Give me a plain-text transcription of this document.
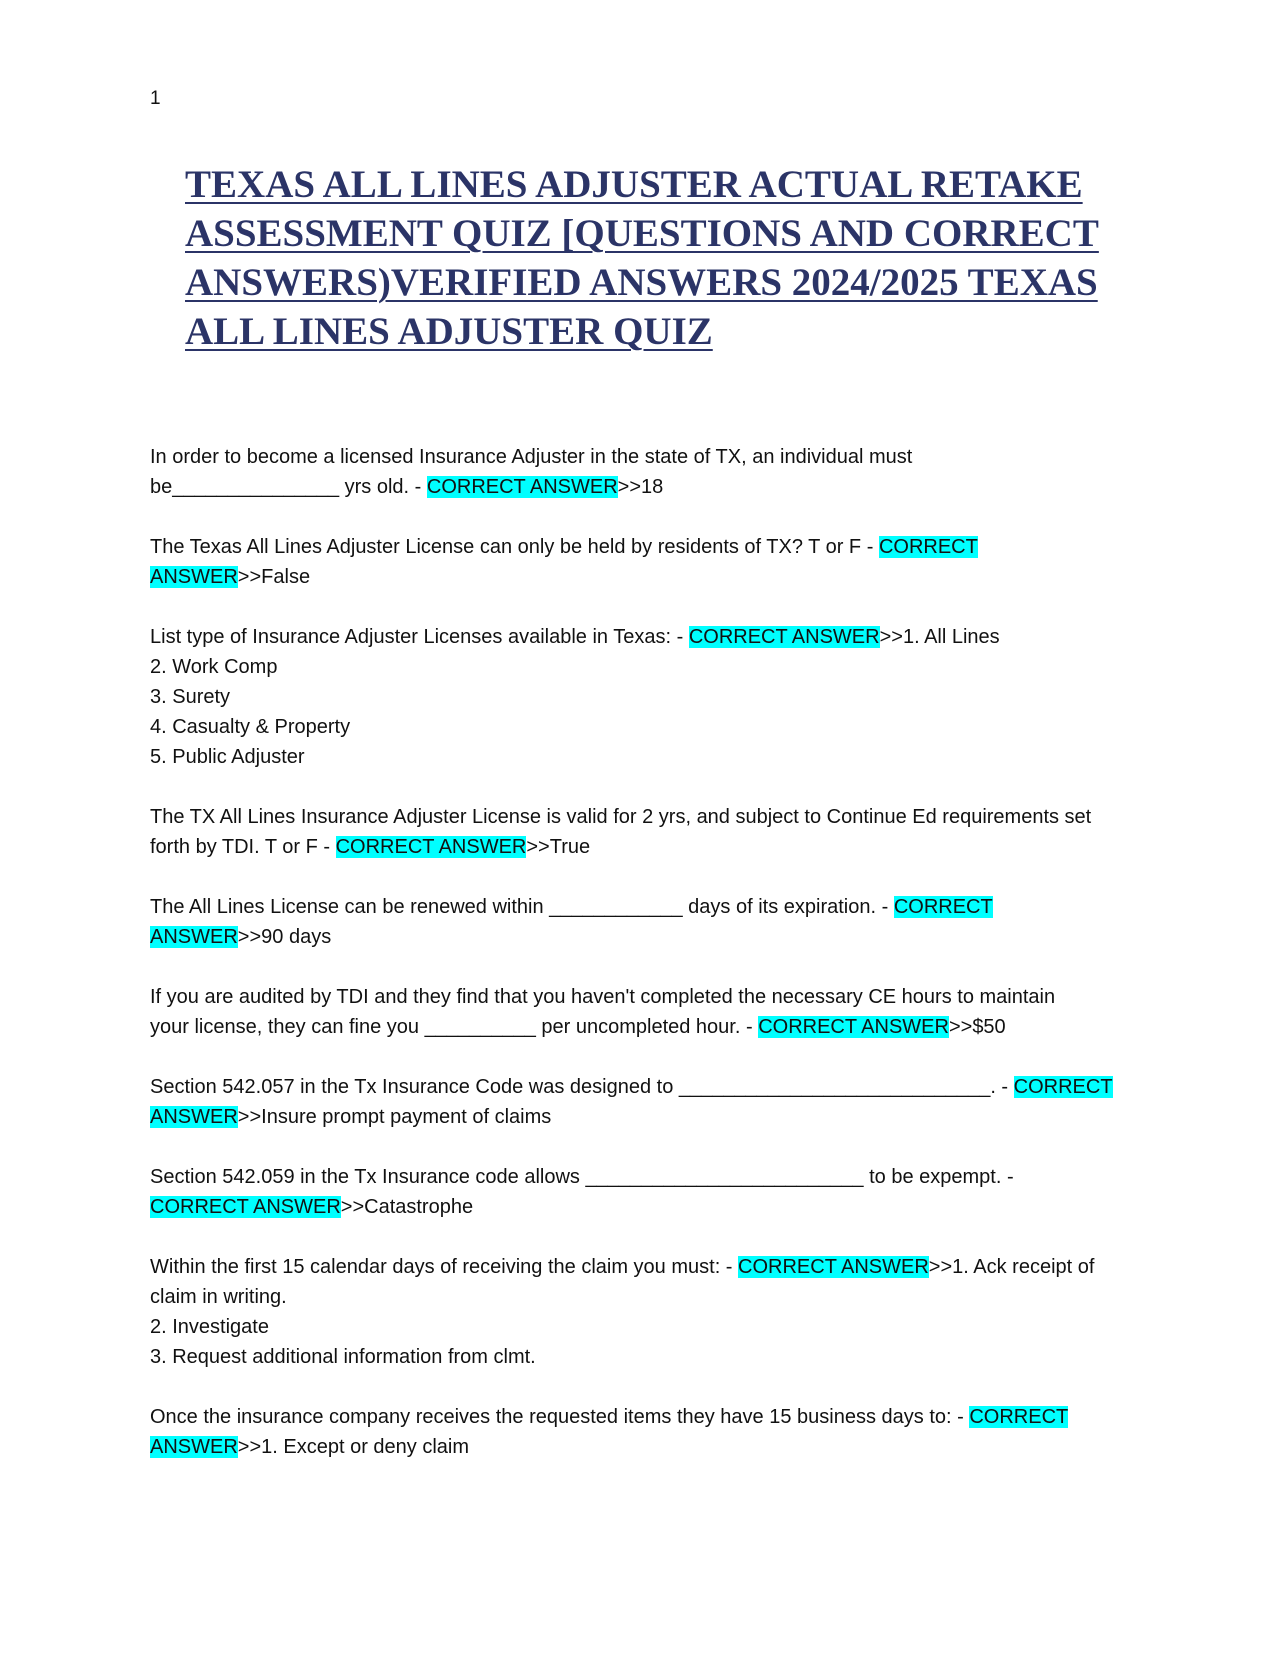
1
TEXAS ALL LINES ADJUSTER ACTUAL RETAKE ASSESSMENT QUIZ [QUESTIONS AND CORRECT ANSWERS)VERIFIED ANSWERS 2024/2025 TEXAS ALL LINES ADJUSTER QUIZ

In order to become a licensed Insurance Adjuster in the state of TX, an individual must
be_______________ yrs old. - CORRECT ANSWER>>18

The Texas All Lines Adjuster License can only be held by residents of TX? T or F - CORRECT
ANSWER>>False

List type of Insurance Adjuster Licenses available in Texas: - CORRECT ANSWER>>1. All Lines
2. Work Comp
3. Surety
4. Casualty & Property
5. Public Adjuster

The TX All Lines Insurance Adjuster License is valid for 2 yrs, and subject to Continue Ed requirements set
forth by TDI. T or F - CORRECT ANSWER>>True

The All Lines License can be renewed within ____________ days of its expiration. - CORRECT
ANSWER>>90 days

If you are audited by TDI and they find that you haven't completed the necessary CE hours to maintain
your license, they can fine you __________ per uncompleted hour. - CORRECT ANSWER>>$50

Section 542.057 in the Tx Insurance Code was designed to ____________________________. - CORRECT
ANSWER>>Insure prompt payment of claims

Section 542.059 in the Tx Insurance code allows _________________________ to be expempt. -
CORRECT ANSWER>>Catastrophe

Within the first 15 calendar days of receiving the claim you must: - CORRECT ANSWER>>1. Ack receipt of
claim in writing.
2. Investigate
3. Request additional information from clmt.

Once the insurance company receives the requested items they have 15 business days to: - CORRECT
ANSWER>>1. Except or deny claim
